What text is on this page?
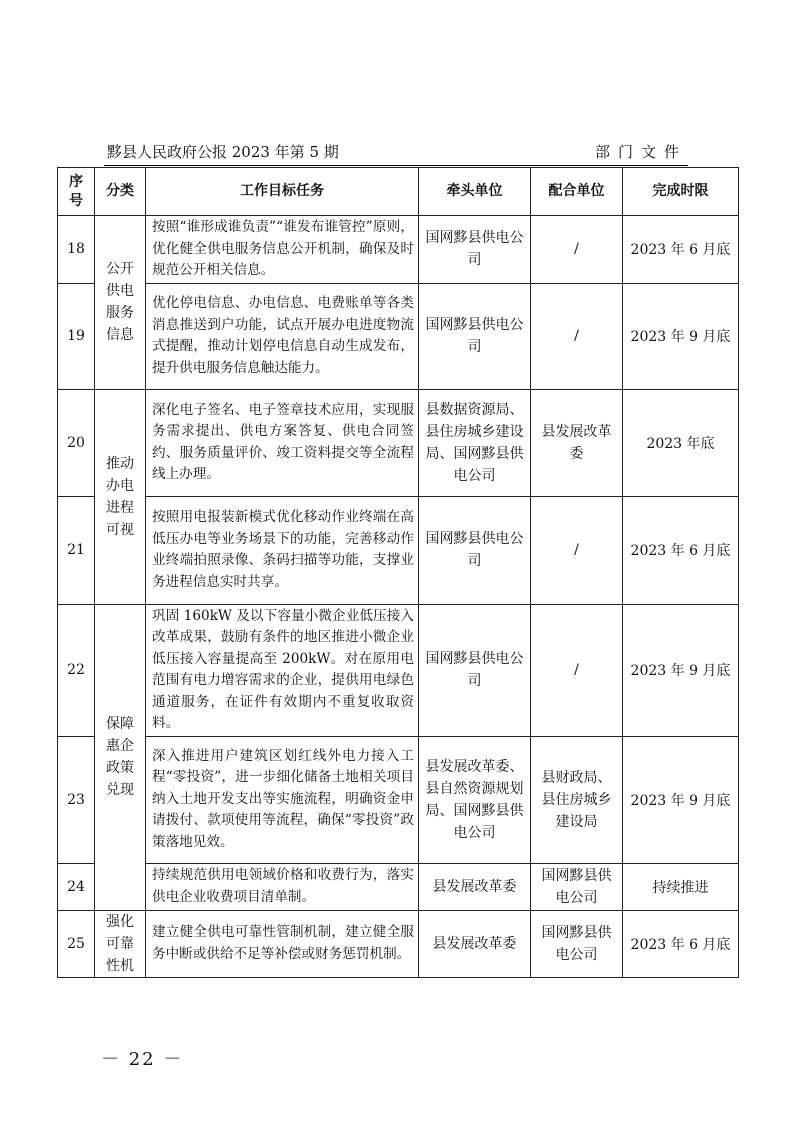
黟县人民政府公报 2023 年第 5 期	部门文件
序号	分类	工作目标任务	牵头单位	配合单位	完成时限
18	公开供电服务信息	按照“谁形成谁负责”“谁发布谁管控”原则，优化健全供电服务信息公开机制，确保及时规范公开相关信息。	国网黟县供电公司	/	2023 年 6 月底
19		优化停电信息、办电信息、电费账单等各类消息推送到户功能，试点开展办电进度物流式提醒，推动计划停电信息自动生成发布，提升供电服务信息触达能力。	国网黟县供电公司	/	2023 年 9 月底
20	推动办电进程可视	深化电子签名、电子签章技术应用，实现服务需求提出、供电方案答复、供电合同签约、服务质量评价、竣工资料提交等全流程线上办理。	县数据资源局、县住房城乡建设局、国网黟县供电公司	县发展改革委	2023 年底
21		按照用电报装新模式优化移动作业终端在高低压办电等业务场景下的功能，完善移动作业终端拍照录像、条码扫描等功能，支撑业务进程信息实时共享。	国网黟县供电公司	/	2023 年 6 月底
22	保障惠企政策兑现	巩固 160kW 及以下容量小微企业低压接入改革成果，鼓励有条件的地区推进小微企业低压接入容量提高至 200kW。对在原用电范围有电力增容需求的企业，提供用电绿色通道服务，在证件有效期内不重复收取资料。	国网黟县供电公司	/	2023 年 9 月底
23		深入推进用户建筑区划红线外电力接入工程“零投资”，进一步细化储备土地相关项目纳入土地开发支出等实施流程，明确资金申请拨付、款项使用等流程，确保“零投资”政策落地见效。	县发展改革委、县自然资源规划局、国网黟县供电公司	县财政局、县住房城乡建设局	2023 年 9 月底
24		持续规范供用电领域价格和收费行为，落实供电企业收费项目清单制。	县发展改革委	国网黟县供电公司	持续推进
25	强化可靠性机	建立健全供电可靠性管制机制，建立健全服务中断或供给不足等补偿或财务惩罚机制。	县发展改革委	国网黟县供电公司	2023 年 6 月底
－ 22 －
